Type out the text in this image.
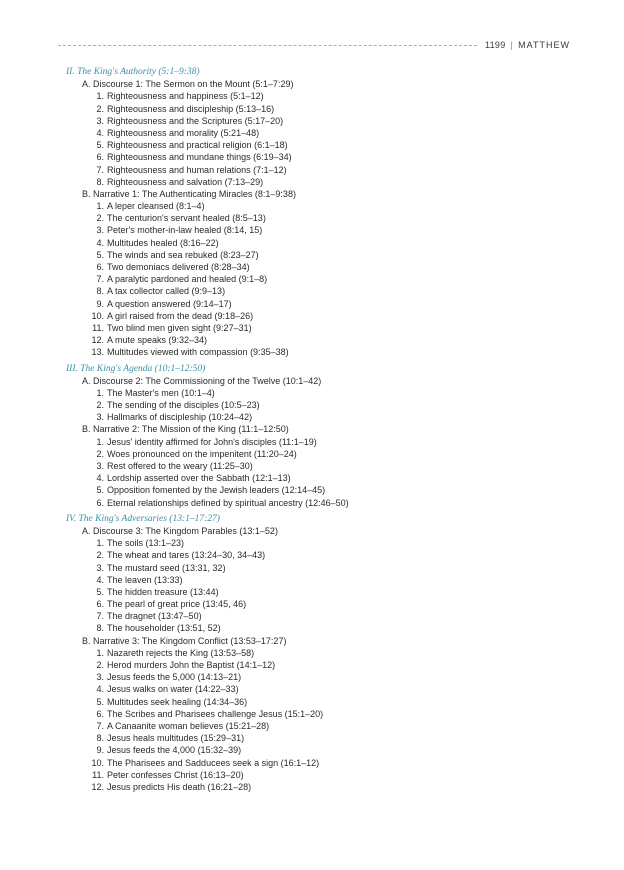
1199 | MATTHEW
II. The King's Authority (5:1–9:38)
A. Discourse 1: The Sermon on the Mount (5:1–7:29)
1. Righteousness and happiness (5:1–12)
2. Righteousness and discipleship (5:13–16)
3. Righteousness and the Scriptures (5:17–20)
4. Righteousness and morality (5:21–48)
5. Righteousness and practical religion (6:1–18)
6. Righteousness and mundane things (6:19–34)
7. Righteousness and human relations (7:1–12)
8. Righteousness and salvation (7:13–29)
B. Narrative 1: The Authenticating Miracles (8:1–9:38)
1. A leper cleansed (8:1–4)
2. The centurion's servant healed (8:5–13)
3. Peter's mother-in-law healed (8:14, 15)
4. Multitudes healed (8:16–22)
5. The winds and sea rebuked (8:23–27)
6. Two demoniacs delivered (8:28–34)
7. A paralytic pardoned and healed (9:1–8)
8. A tax collector called (9:9–13)
9. A question answered (9:14–17)
10. A girl raised from the dead (9:18–26)
11. Two blind men given sight (9:27–31)
12. A mute speaks (9:32–34)
13. Multitudes viewed with compassion (9:35–38)
III. The King's Agenda (10:1–12:50)
A. Discourse 2: The Commissioning of the Twelve (10:1–42)
1. The Master's men (10:1–4)
2. The sending of the disciples (10:5–23)
3. Hallmarks of discipleship (10:24–42)
B. Narrative 2: The Mission of the King (11:1–12:50)
1. Jesus' identity affirmed for John's disciples (11:1–19)
2. Woes pronounced on the impenitent (11:20–24)
3. Rest offered to the weary (11:25–30)
4. Lordship asserted over the Sabbath (12:1–13)
5. Opposition fomented by the Jewish leaders (12:14–45)
6. Eternal relationships defined by spiritual ancestry (12:46–50)
IV. The King's Adversaries (13:1–17:27)
A. Discourse 3: The Kingdom Parables (13:1–52)
1. The soils (13:1–23)
2. The wheat and tares (13:24–30, 34–43)
3. The mustard seed (13:31, 32)
4. The leaven (13:33)
5. The hidden treasure (13:44)
6. The pearl of great price (13:45, 46)
7. The dragnet (13:47–50)
8. The householder (13:51, 52)
B. Narrative 3: The Kingdom Conflict (13:53–17:27)
1. Nazareth rejects the King (13:53–58)
2. Herod murders John the Baptist (14:1–12)
3. Jesus feeds the 5,000 (14:13–21)
4. Jesus walks on water (14:22–33)
5. Multitudes seek healing (14:34–36)
6. The Scribes and Pharisees challenge Jesus (15:1–20)
7. A Canaanite woman believes (15:21–28)
8. Jesus heals multitudes (15:29–31)
9. Jesus feeds the 4,000 (15:32–39)
10. The Pharisees and Sadducees seek a sign (16:1–12)
11. Peter confesses Christ (16:13–20)
12. Jesus predicts His death (16:21–28)
